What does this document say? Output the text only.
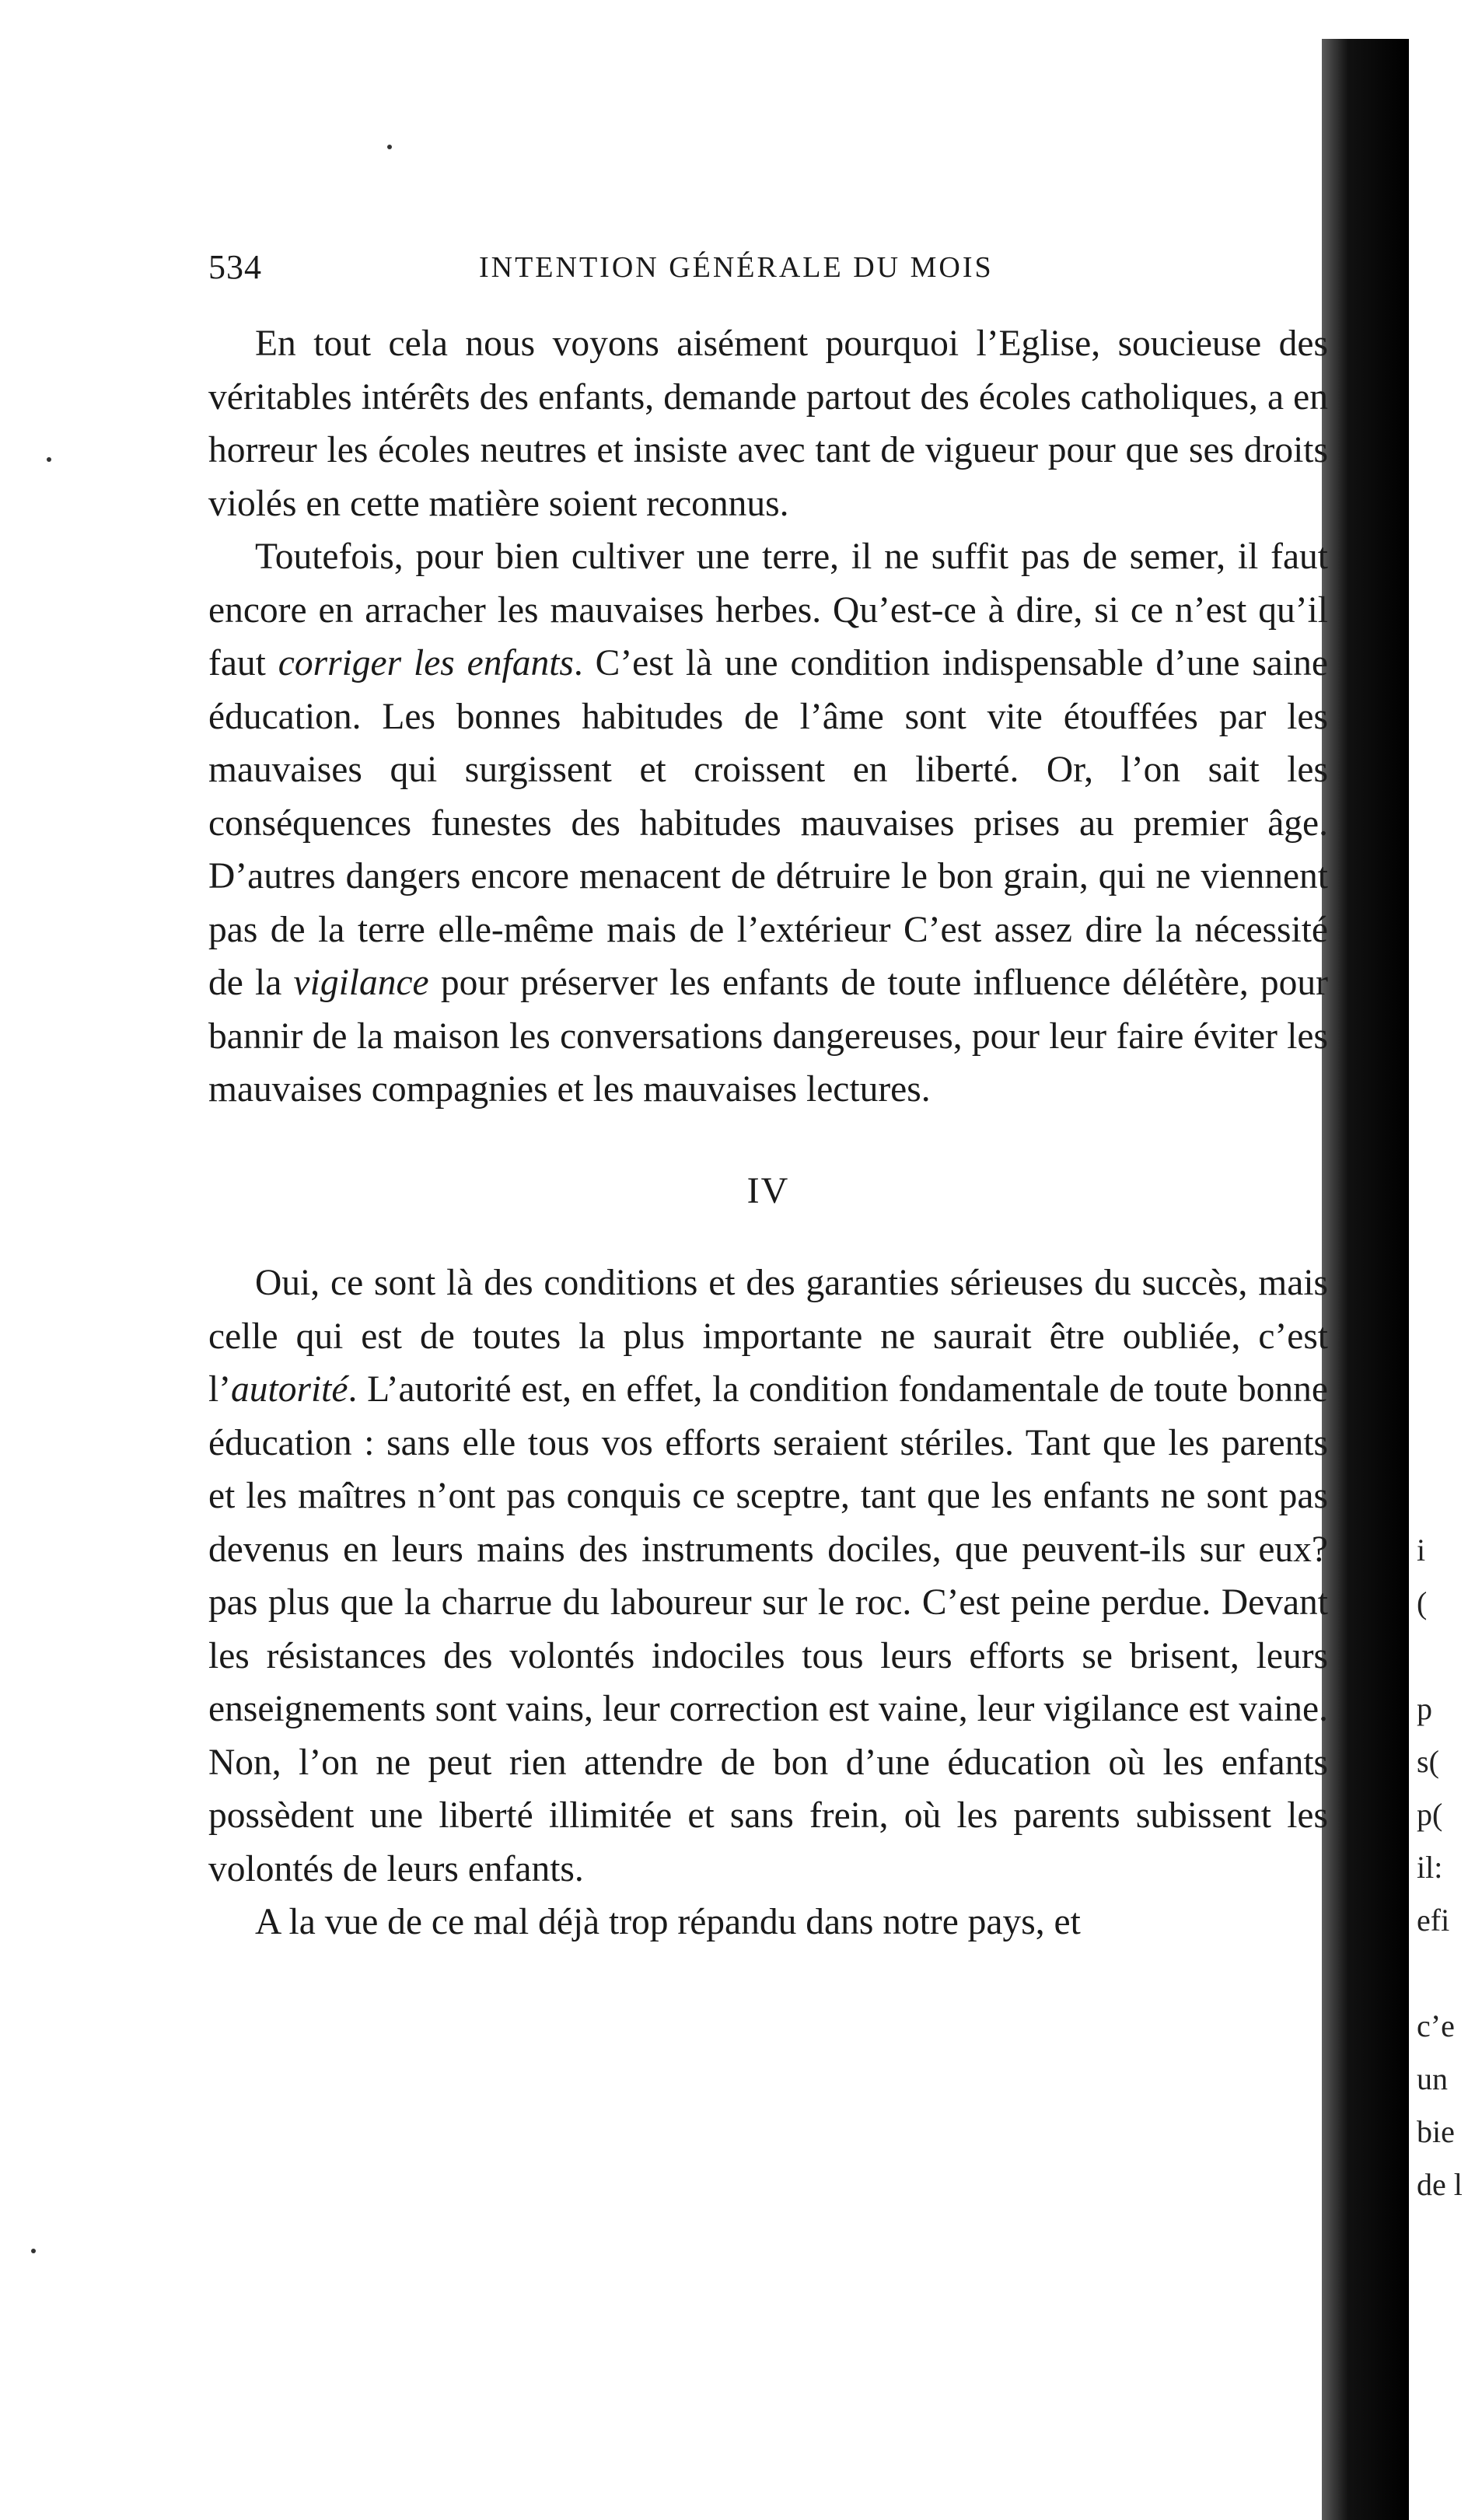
i
(
p
s(
p(
il:
efi
c’e
un
bie
de l
534	INTENTION GÉNÉRALE DU MOIS

En tout cela nous voyons aisément pourquoi l’Eglise, soucieuse des véritables intérêts des enfants, demande partout des écoles catholiques, a en horreur les écoles neutres et insiste avec tant de vigueur pour que ses droits violés en cette matière soient reconnus.

Toutefois, pour bien cultiver une terre, il ne suffit pas de semer, il faut encore en arracher les mauvaises herbes. Qu’est-ce à dire, si ce n’est qu’il faut corriger les enfants. C’est là une condition indispensable d’une saine éducation. Les bonnes habitudes de l’âme sont vite étouffées par les mauvaises qui surgissent et croissent en liberté. Or, l’on sait les conséquences funestes des habitudes mauvaises prises au premier âge. D’autres dangers encore menacent de détruire le bon grain, qui ne viennent pas de la terre elle-même mais de l’extérieur C’est assez dire la nécessité de la vigilance pour préserver les enfants de toute influence délétère, pour bannir de la maison les conversations dangereuses, pour leur faire éviter les mauvaises compagnies et les mauvaises lectures.

IV

Oui, ce sont là des conditions et des garanties sérieuses du succès, mais celle qui est de toutes la plus importante ne saurait être oubliée, c’est l’autorité. L’autorité est, en effet, la condition fondamentale de toute bonne éducation : sans elle tous vos efforts seraient stériles. Tant que les parents et les maîtres n’ont pas conquis ce sceptre, tant que les enfants ne sont pas devenus en leurs mains des instruments dociles, que peuvent-ils sur eux? pas plus que la charrue du laboureur sur le roc. C’est peine perdue. Devant les résistances des volontés indociles tous leurs efforts se brisent, leurs enseignements sont vains, leur correction est vaine, leur vigilance est vaine. Non, l’on ne peut rien attendre de bon d’une éducation où les enfants possèdent une liberté illimitée et sans frein, où les parents subissent les volontés de leurs enfants.

A la vue de ce mal déjà trop répandu dans notre pays, et
